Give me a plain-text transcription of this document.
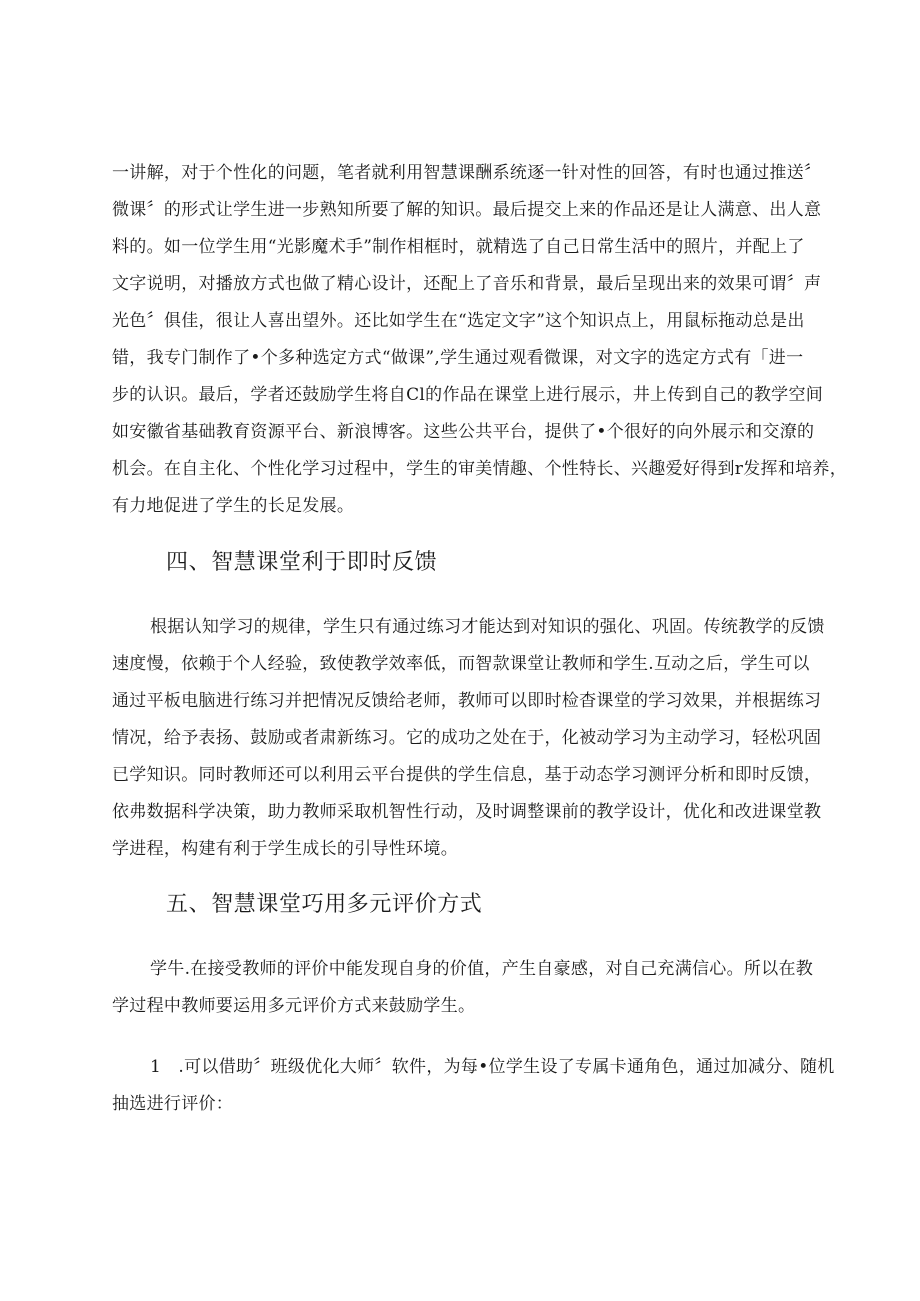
一讲解，对于个性化的问题，笔者就利用智慧课酬系统逐一针对性的回答，有时也通过推送〞
微课〞的形式让学生进一步熟知所要了解的知识。最后提交上来的作品还是让人满意、出人意
料的。如一位学生用“光影魔术手”制作相框时，就精选了自己日常生活中的照片，并配上了
文字说明，对播放方式也做了精心设计，还配上了音乐和背景，最后呈现出来的效果可谓〞声
光色〞俱佳，很让人喜出望外。还比如学生在“选定文字”这个知识点上，用鼠标拖动总是出
错，我专门制作了•个多种选定方式“做课”,学生通过观看微课，对文字的选定方式有「进一
步的认识。最后，学者还鼓励学生将自Cl的作品在课堂上进行展示，井上传到自己的教学空间
如安徽省基础教育资源平台、新浪博客。这些公共平台，提供了•个很好的向外展示和交潦的
机会。在自主化、个性化学习过程中，学生的审美情趣、个性特长、兴趣爱好得到r发挥和培养，
有力地促进了学生的长足发展。
四、智慧课堂利于即时反馈
根据认知学习的规律，学生只有通过练习才能达到对知识的强化、巩固。传统教学的反馈
速度慢，依赖于个人经验，致使教学效率低，而智款课堂让教师和学生.互动之后，学生可以
通过平板电脑进行练习并把情况反馈给老师，教师可以即时检杳课堂的学习效果，并根据练习
情况，给予表扬、鼓励或者肃新练习。它的成功之处在于，化被动学习为主动学习，轻松巩固
已学知识。同时教师还可以利用云平台提供的学生信息，基于动态学习测评分析和即时反馈，
依弗数据科学决策，助力教师采取机智性行动，及时调整课前的教学设计，优化和改进课堂教
学进程，构建有利于学生成长的引导性环境。
五、智慧课堂巧用多元评价方式
学牛.在接受教师的评价中能发现自身的价值，产生自豪感，对自己充满信心。所以在教
学过程中教师要运用多元评价方式来鼓励学生。
1　.可以借助〞班级优化大师〞软件，为每•位学生设了专属卡通角色，通过加减分、随机
抽选进行评价：
